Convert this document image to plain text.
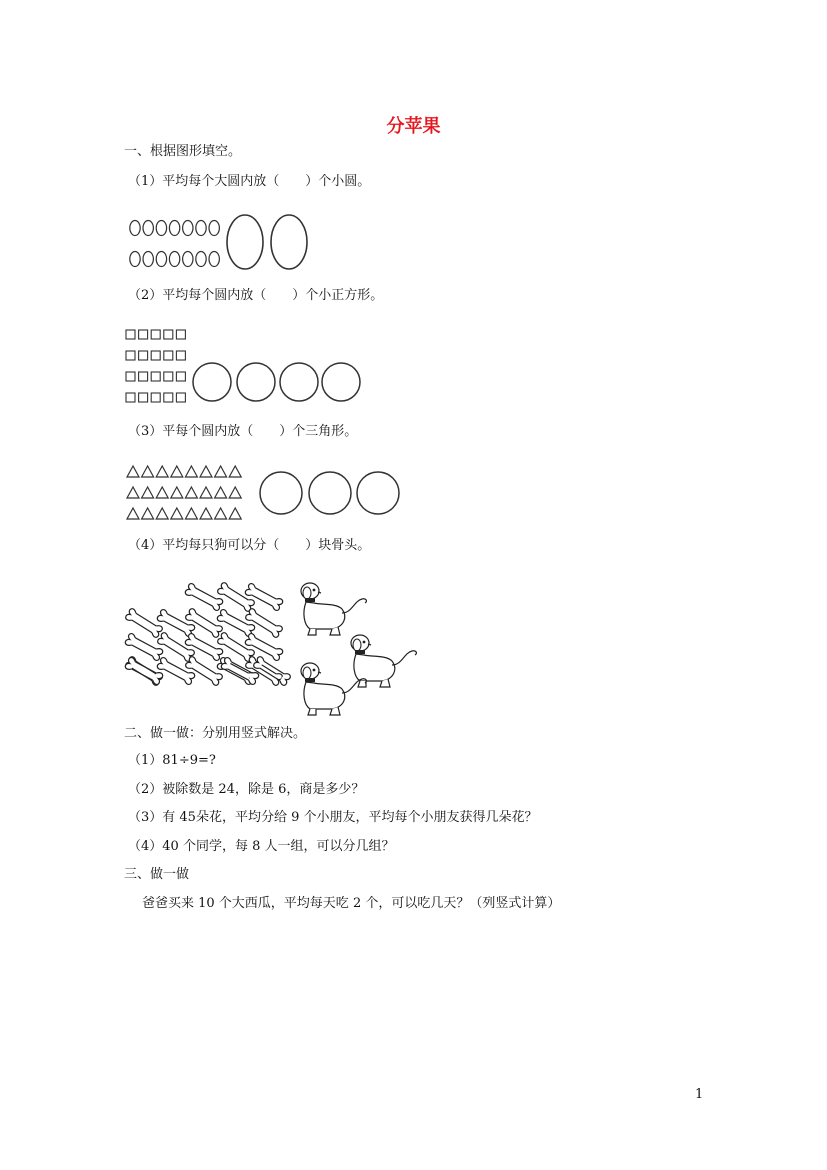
分苹果
一、根据图形填空。
（1）平均每个大圆内放（　　）个小圆。
（2）平均每个圆内放（　　）个小正方形。
（3）平每个圆内放（　　）个三角形。
（4）平均每只狗可以分（　　）块骨头。
二、做一做：分别用竖式解决。
（1）81÷9=?
（2）被除数是 24，除是 6，商是多少？
（3）有 45朵花，平均分给 9 个小朋友，平均每个小朋友获得几朵花？
（4）40 个同学，每 8 人一组，可以分几组？
三、做一做
爸爸买来 10 个大西瓜，平均每天吃 2 个，可以吃几天？（列竖式计算）
1
